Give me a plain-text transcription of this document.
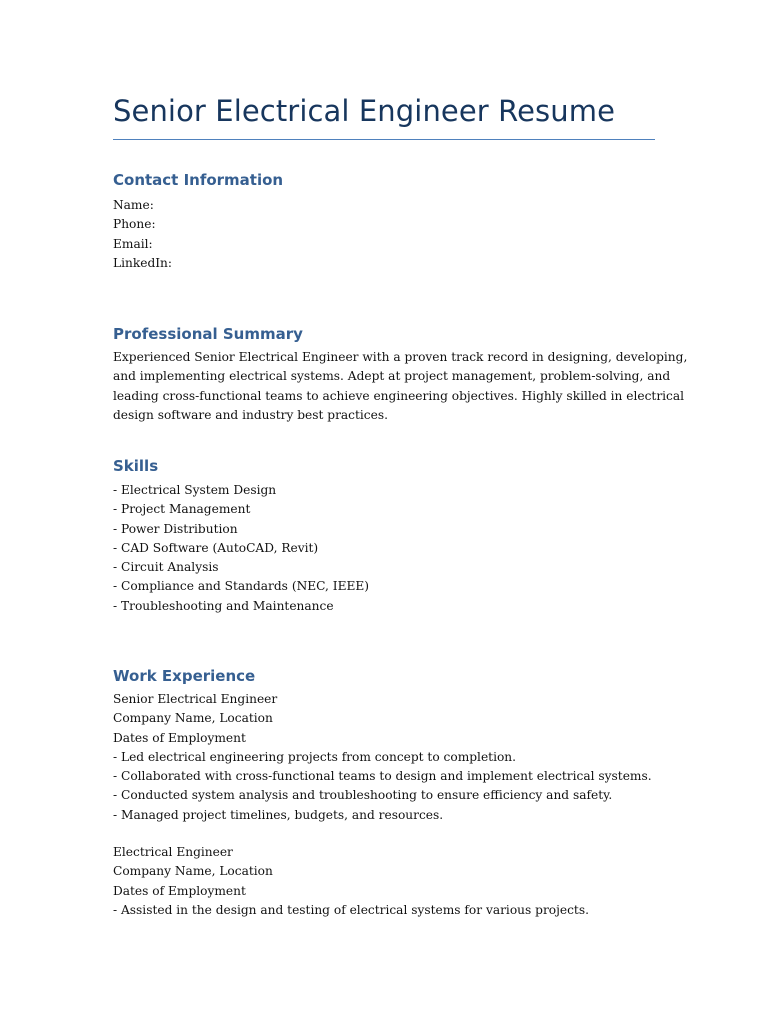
Senior Electrical Engineer Resume
Contact Information
Name:
Phone:
Email:
LinkedIn:
Professional Summary
Experienced Senior Electrical Engineer with a proven track record in designing, developing,
and implementing electrical systems. Adept at project management, problem-solving, and
leading cross-functional teams to achieve engineering objectives. Highly skilled in electrical
design software and industry best practices.
Skills
- Electrical System Design
- Project Management
- Power Distribution
- CAD Software (AutoCAD, Revit)
- Circuit Analysis
- Compliance and Standards (NEC, IEEE)
- Troubleshooting and Maintenance
Work Experience
Senior Electrical Engineer
Company Name, Location
Dates of Employment
- Led electrical engineering projects from concept to completion.
- Collaborated with cross-functional teams to design and implement electrical systems.
- Conducted system analysis and troubleshooting to ensure efficiency and safety.
- Managed project timelines, budgets, and resources.
Electrical Engineer
Company Name, Location
Dates of Employment
- Assisted in the design and testing of electrical systems for various projects.
